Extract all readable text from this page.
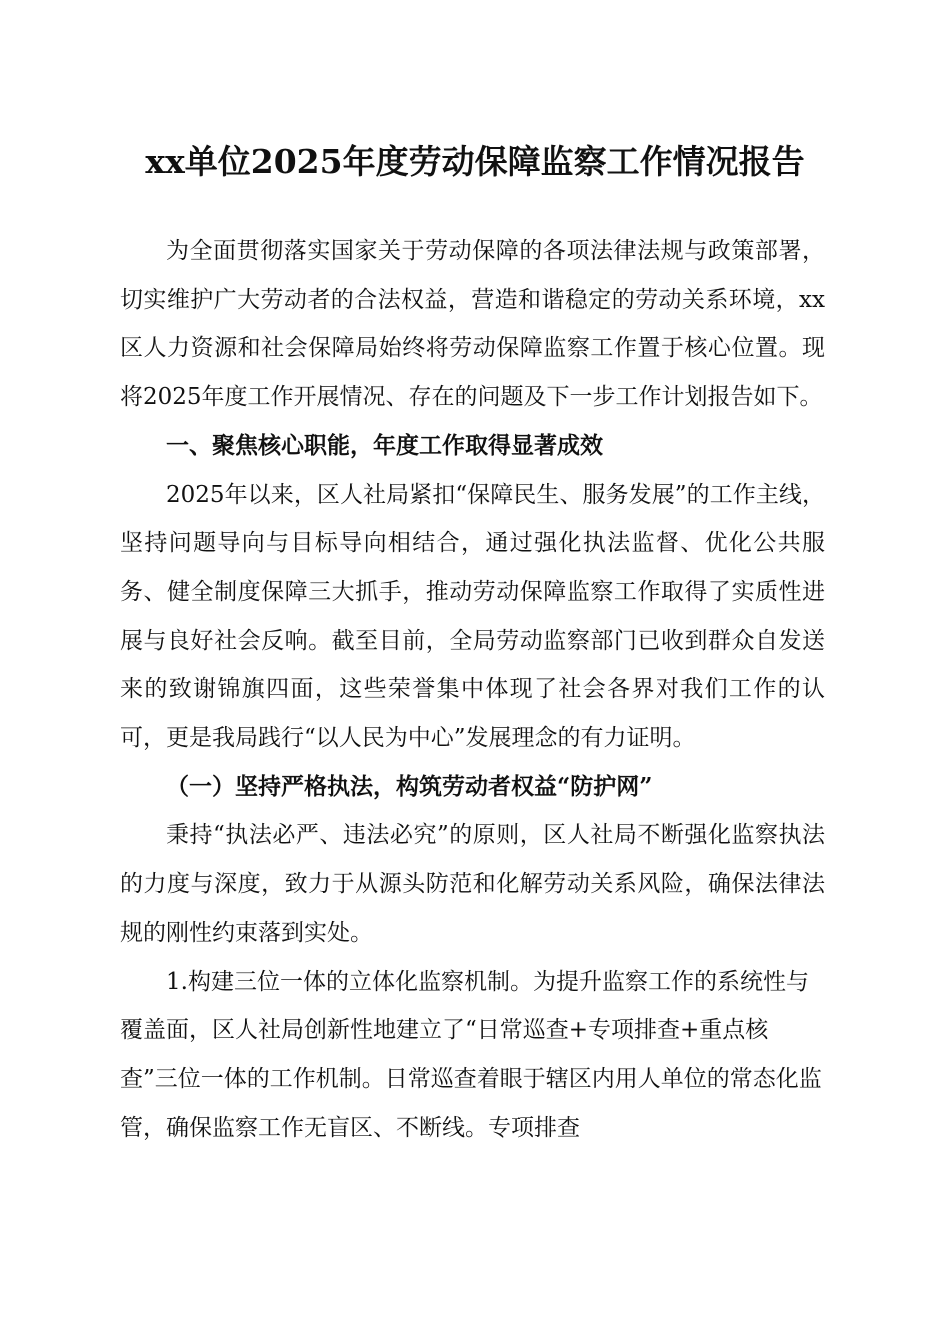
xx单位2025年度劳动保障监察工作情况报告

为全面贯彻落实国家关于劳动保障的各项法律法规与政策部署，切实维护广大劳动者的合法权益，营造和谐稳定的劳动关系环境，xx区人力资源和社会保障局始终将劳动保障监察工作置于核心位置。现将2025年度工作开展情况、存在的问题及下一步工作计划报告如下。

一、聚焦核心职能，年度工作取得显著成效

2025年以来，区人社局紧扣“保障民生、服务发展”的工作主线，坚持问题导向与目标导向相结合，通过强化执法监督、优化公共服务、健全制度保障三大抓手，推动劳动保障监察工作取得了实质性进展与良好社会反响。截至目前，全局劳动监察部门已收到群众自发送来的致谢锦旗四面，这些荣誉集中体现了社会各界对我们工作的认可，更是我局践行“以人民为中心”发展理念的有力证明。

（一）坚持严格执法，构筑劳动者权益“防护网”

秉持“执法必严、违法必究”的原则，区人社局不断强化监察执法的力度与深度，致力于从源头防范和化解劳动关系风险，确保法律法规的刚性约束落到实处。

1.构建三位一体的立体化监察机制。为提升监察工作的系统性与覆盖面，区人社局创新性地建立了“日常巡查+专项排查+重点核查”三位一体的工作机制。日常巡查着眼于辖区内用人单位的常态化监管，确保监察工作无盲区、不断线。专项排查
